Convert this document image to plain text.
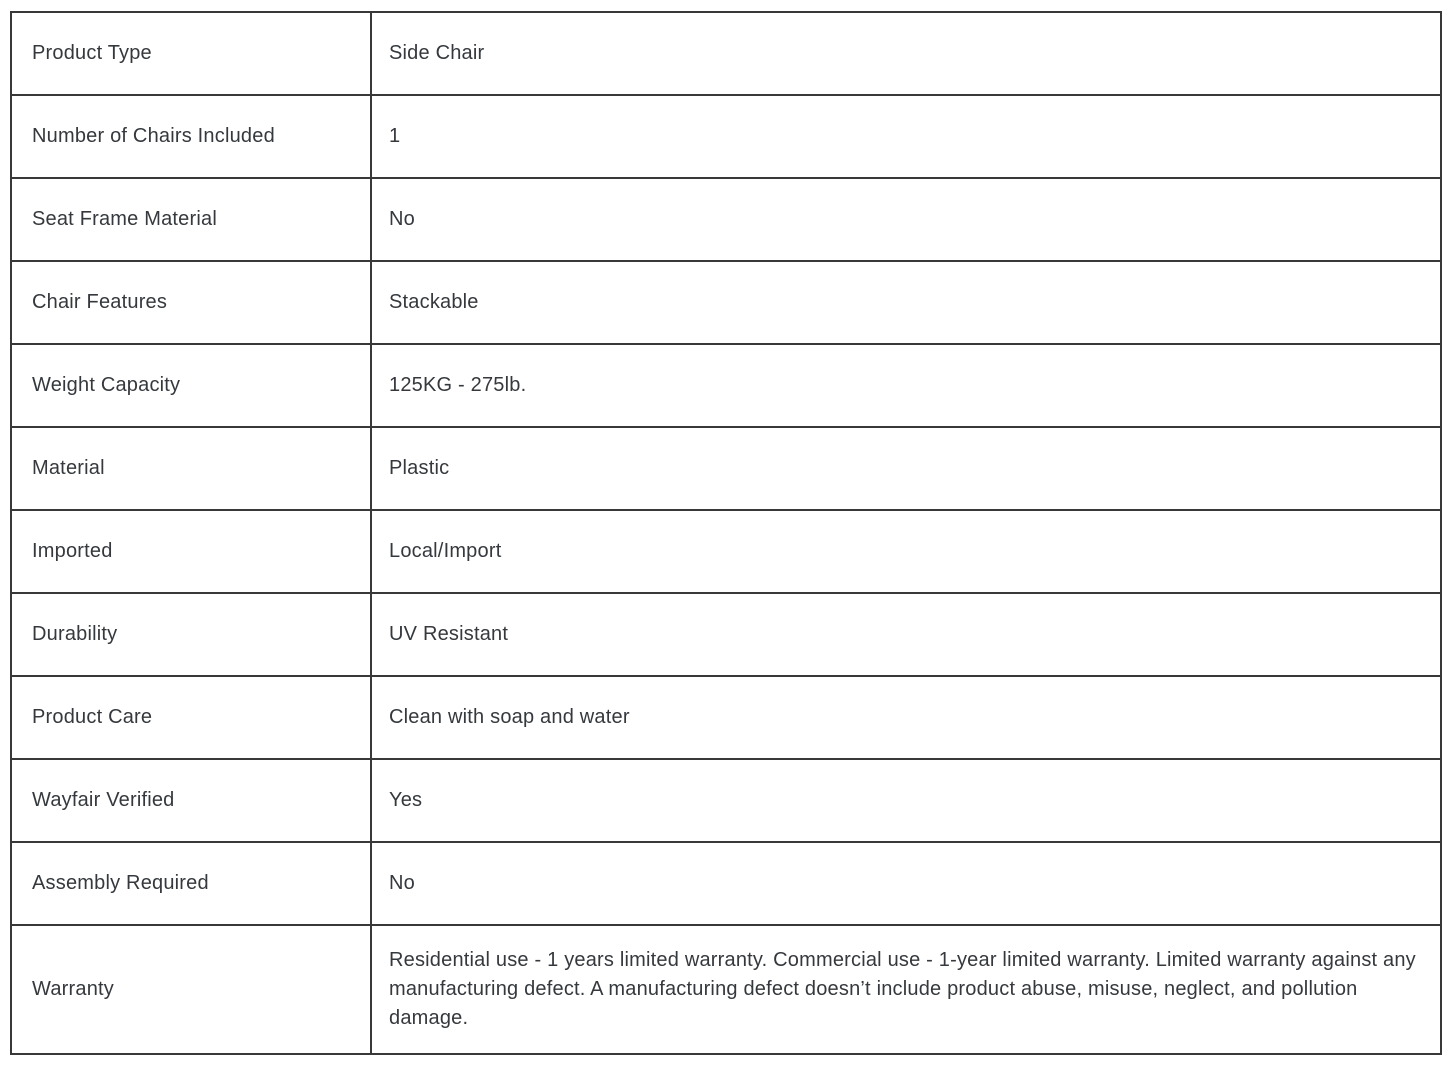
Product Type	Side Chair
Number of Chairs Included	1
Seat Frame Material	No
Chair Features	Stackable
Weight Capacity	125KG - 275lb.
Material	Plastic
Imported	Local/Import
Durability	UV Resistant
Product Care	Clean with soap and water
Wayfair Verified	Yes
Assembly Required	No
Warranty	Residential use - 1 years limited warranty. Commercial use - 1-year limited warranty. Limited warranty against any manufacturing defect. A manufacturing defect doesn’t include product abuse, misuse, neglect, and pollution damage.
